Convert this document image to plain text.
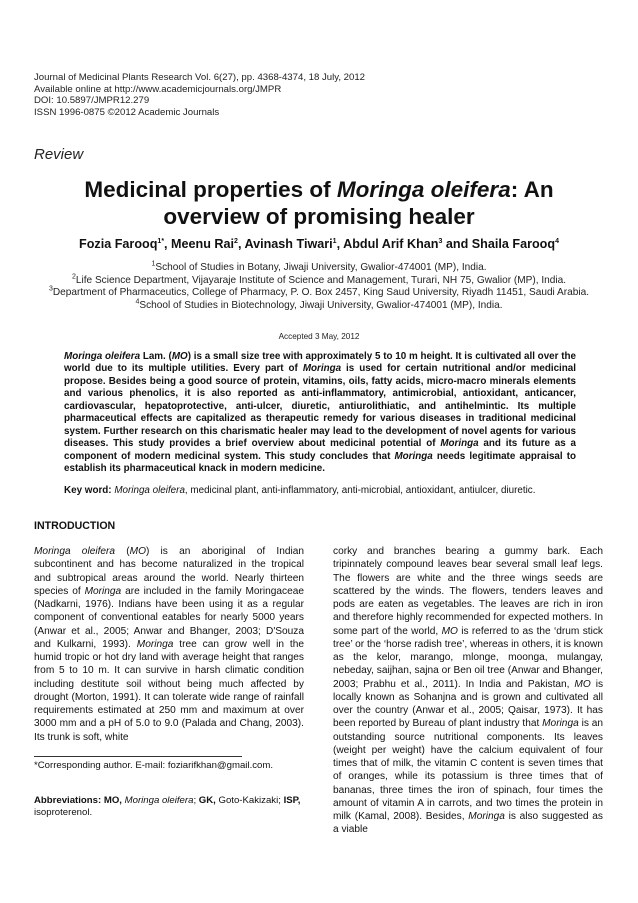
Journal of Medicinal Plants Research Vol. 6(27), pp. 4368-4374, 18 July, 2012
Available online at http://www.academicjournals.org/JMPR
DOI: 10.5897/JMPR12.279
ISSN 1996-0875 ©2012 Academic Journals
Review
Medicinal properties of Moringa oleifera: An overview of promising healer
Fozia Farooq$^{1*}$, Meenu Rai$^2$, Avinash Tiwari$^1$, Abdul Arif Khan$^3$ and Shaila Farooq$^4$
$^1$School of Studies in Botany, Jiwaji University, Gwalior-474001 (MP), India.
$^2$Life Science Department, Vijayaraje Institute of Science and Management, Turari, NH 75, Gwalior (MP), India.
$^3$Department of Pharmaceutics, College of Pharmacy, P. O. Box 2457, King Saud University, Riyadh 11451, Saudi Arabia.
$^4$School of Studies in Biotechnology, Jiwaji University, Gwalior-474001 (MP), India.
Accepted 3 May, 2012
Moringa oleifera Lam. (MO) is a small size tree with approximately 5 to 10 m height. It is cultivated all over the world due to its multiple utilities. Every part of Moringa is used for certain nutritional and/or medicinal propose. Besides being a good source of protein, vitamins, oils, fatty acids, micro-macro minerals elements and various phenolics, it is also reported as anti-inflammatory, antimicrobial, antioxidant, anticancer, cardiovascular, hepatoprotective, anti-ulcer, diuretic, antiurolithiatic, and antihelmintic. Its multiple pharmaceutical effects are capitalized as therapeutic remedy for various diseases in traditional medicinal system. Further research on this charismatic healer may lead to the development of novel agents for various diseases. This study provides a brief overview about medicinal potential of Moringa and its future as a component of modern medicinal system. This study concludes that Moringa needs legitimate appraisal to establish its pharmaceutical knack in modern medicine.
Key word: Moringa oleifera, medicinal plant, anti-inflammatory, anti-microbial, antioxidant, antiulcer, diuretic.
INTRODUCTION
Moringa oleifera (MO) is an aboriginal of Indian subcontinent and has become naturalized in the tropical and subtropical areas around the world. Nearly thirteen species of Moringa are included in the family Moringaceae (Nadkarni, 1976). Indians have been using it as a regular component of conventional eatables for nearly 5000 years (Anwar et al., 2005; Anwar and Bhanger, 2003; D'Souza and Kulkarni, 1993). Moringa tree can grow well in the humid tropic or hot dry land with average height that ranges from 5 to 10 m. It can survive in harsh climatic condition including destitute soil without being much affected by drought (Morton, 1991). It can tolerate wide range of rainfall requirements estimated at 250 mm and maximum at over 3000 mm and a pH of 5.0 to 9.0 (Palada and Chang, 2003). Its trunk is soft, white
corky and branches bearing a gummy bark. Each tripinnately compound leaves bear several small leaf legs. The flowers are white and the three wings seeds are scattered by the winds. The flowers, tenders leaves and pods are eaten as vegetables. The leaves are rich in iron and therefore highly recommended for expected mothers. In some part of the world, MO is referred to as the ‘drum stick tree’ or the ‘horse radish tree’, whereas in others, it is known as the kelor, marango, mlonge, moonga, mulangay, nebeday, saijhan, sajna or Ben oil tree (Anwar and Bhanger, 2003; Prabhu et al., 2011). In India and Pakistan, MO is locally known as Sohanjna and is grown and cultivated all over the country (Anwar et al., 2005; Qaisar, 1973). It has been reported by Bureau of plant industry that Moringa is an outstanding source nutritional components. Its leaves (weight per weight) have the calcium equivalent of four times that of milk, the vitamin C content is seven times that of oranges, while its potassium is three times that of bananas, three times the iron of spinach, four times the amount of vitamin A in carrots, and two times the protein in milk (Kamal, 2008). Besides, Moringa is also suggested as a viable
*Corresponding author. E-mail: foziarifkhan@gmail.com.
Abbreviations: MO, Moringa oleifera; GK, Goto-Kakizaki; ISP, isoproterenol.
